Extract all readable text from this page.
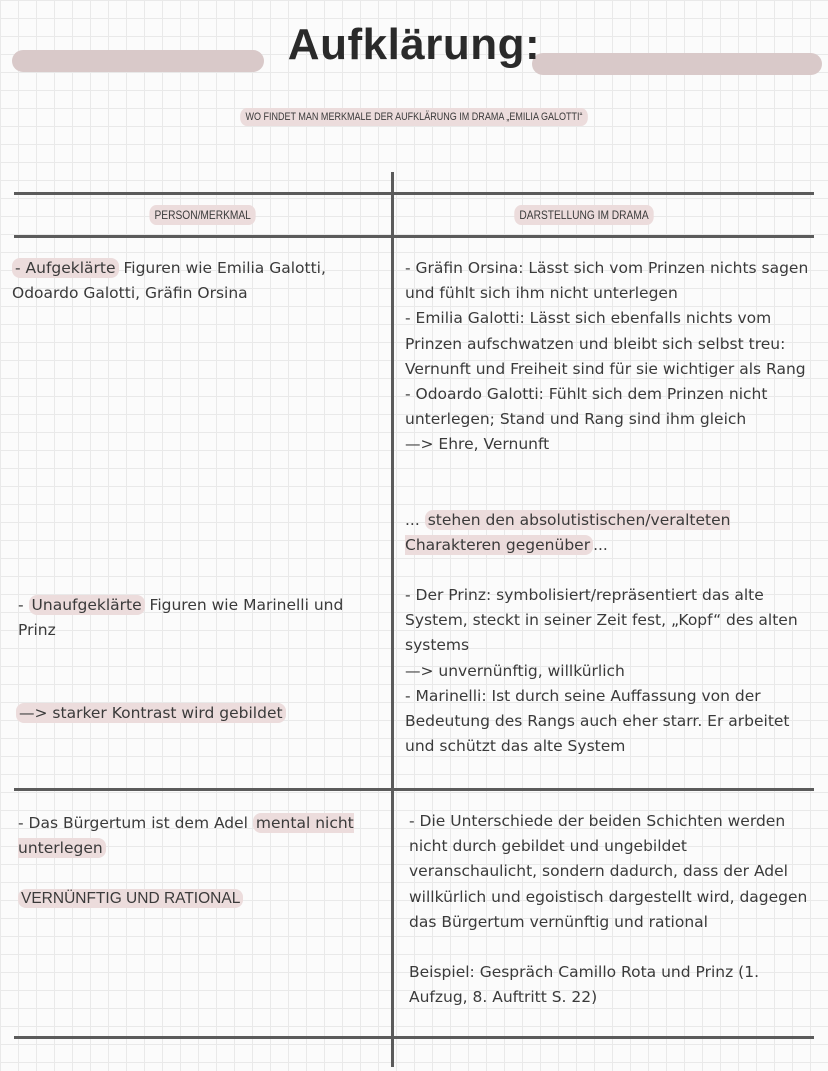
Aufklärung:
WO FINDET MAN MERKMALE DER AUFKLÄRUNG IM DRAMA „EMILIA GALOTTI“
PERSON/MERKMAL	DARSTELLUNG IM DRAMA
- Aufgeklärte Figuren wie Emilia Galotti, Odoardo Galotti, Gräfin Orsina
- Unaufgeklärte Figuren wie Marinelli und Prinz
—> starker Kontrast wird gebildet

- Gräfin Orsina: Lässt sich vom Prinzen nichts sagen und fühlt sich ihm nicht unterlegen

- Emilia Galotti: Lässt sich ebenfalls nichts vom Prinzen aufschwatzen und bleibt sich selbst treu: Vernunft und Freiheit sind für sie wichtiger als Rang

- Odoardo Galotti: Fühlt sich dem Prinzen nicht unterlegen; Stand und Rang sind ihm gleich

—> Ehre, Vernunft

... stehen den absolutistischen/veralteten Charakteren gegenüber ...

- Der Prinz: symbolisiert/repräsentiert das alte System, steckt in seiner Zeit fest, „Kopf“ des alten systems

—> unvernünftig, willkürlich

- Marinelli: Ist durch seine Auffassung von der Bedeutung des Rangs auch eher starr. Er arbeitet und schützt das alte System

- Das Bürgertum ist dem Adel mental nicht unterlegen
VERNÜNFTIG UND RATIONAL

- Die Unterschiede der beiden Schichten werden nicht durch gebildet und ungebildet veranschaulicht, sondern dadurch, dass der Adel willkürlich und egoistisch dargestellt wird, dagegen das Bürgertum vernünftig und rational

Beispiel: Gespräch Camillo Rota und Prinz (1. Aufzug, 8. Auftritt S. 22)
